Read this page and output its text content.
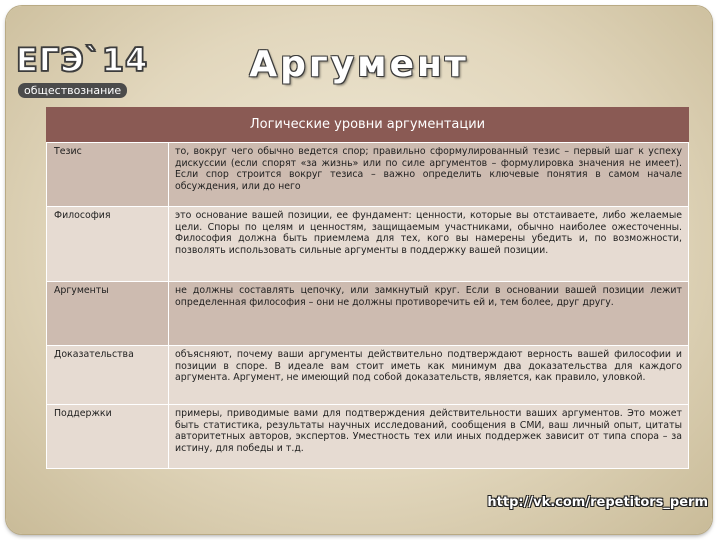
ЕГЭ`14
обществознание
Аргумент
Логические уровни аргументации
Тезис	то, вокруг чего обычно ведется спор; правильно сформулированный тезис – первый шаг к успеху дискуссии (если спорят «за жизнь» или по силе аргументов – формулировка значения не имеет). Если спор строится вокруг тезиса – важно определить ключевые понятия в самом начале обсуждения, или до него
Философия	это основание вашей позиции, ее фундамент: ценности, которые вы отстаиваете, либо желаемые цели. Споры по целям и ценностям, защищаемым участниками, обычно наиболее ожесточенны. Философия должна быть приемлема для тех, кого вы намерены убедить и, по возможности, позволять использовать сильные аргументы в поддержку вашей позиции.
Аргументы	не должны составлять цепочку, или замкнутый круг. Если в основании вашей позиции лежит определенная философия – они не должны противоречить ей и, тем более, друг другу.
Доказательства	объясняют, почему ваши аргументы действительно подтверждают верность вашей философии и позиции в споре. В идеале вам стоит иметь как минимум два доказательства для каждого аргумента. Аргумент, не имеющий под собой доказательств, является, как правило, уловкой.
Поддержки	примеры, приводимые вами для подтверждения действительности ваших аргументов. Это может быть статистика, результаты научных исследований, сообщения в СМИ, ваш личный опыт, цитаты авторитетных авторов, экспертов. Уместность тех или иных поддержек зависит от типа спора – за истину, для победы и т.д.
http://vk.com/repetitors_perm
